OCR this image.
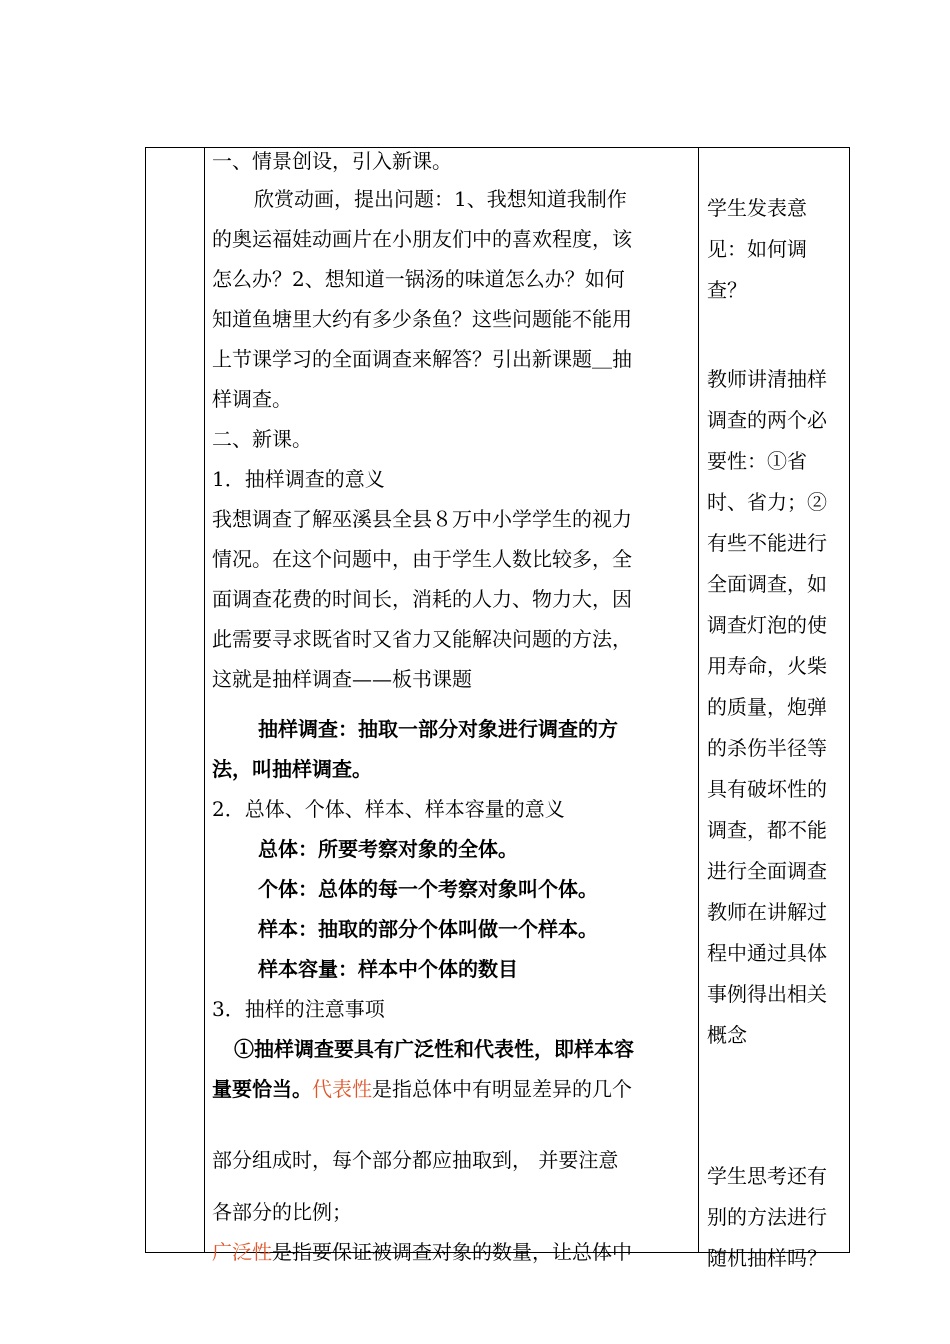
一、情景创设，引入新课。
欣赏动画，提出问题：1、我想知道我制作
的奥运福娃动画片在小朋友们中的喜欢程度，该
怎么办？2、想知道一锅汤的味道怎么办？如何
知道鱼塘里大约有多少条鱼？这些问题能不能用
上节课学习的全面调查来解答？引出新课题＿抽
样调查。
二、新课。
1．抽样调查的意义
我想调查了解巫溪县全县８万中小学学生的视力
情况。在这个问题中，由于学生人数比较多，全
面调查花费的时间长，消耗的人力、物力大，因
此需要寻求既省时又省力又能解决问题的方法，
这就是抽样调查——板书课题
抽样调查：抽取一部分对象进行调查的方
法，叫抽样调查。
2．总体、个体、样本、样本容量的意义
总体：所要考察对象的全体。
个体：总体的每一个考察对象叫个体。
样本：抽取的部分个体叫做一个样本。
样本容量：样本中个体的数目
3．抽样的注意事项
①抽样调查要具有广泛性和代表性，即样本容
量要恰当。代表性是指总体中有明显差异的几个
部分组成时，每个部分都应抽取到， 并要注意
各部分的比例；
广泛性是指要保证被调查对象的数量，让总体中
学生发表意
见：如何调
查？
教师讲清抽样
调查的两个必
要性：①省
时、省力；②
有些不能进行
全面调查，如
调查灯泡的使
用寿命，火柴
的质量，炮弹
的杀伤半径等
具有破坏性的
调查，都不能
进行全面调查
教师在讲解过
程中通过具体
事例得出相关
概念
学生思考还有
别的方法进行
随机抽样吗？
